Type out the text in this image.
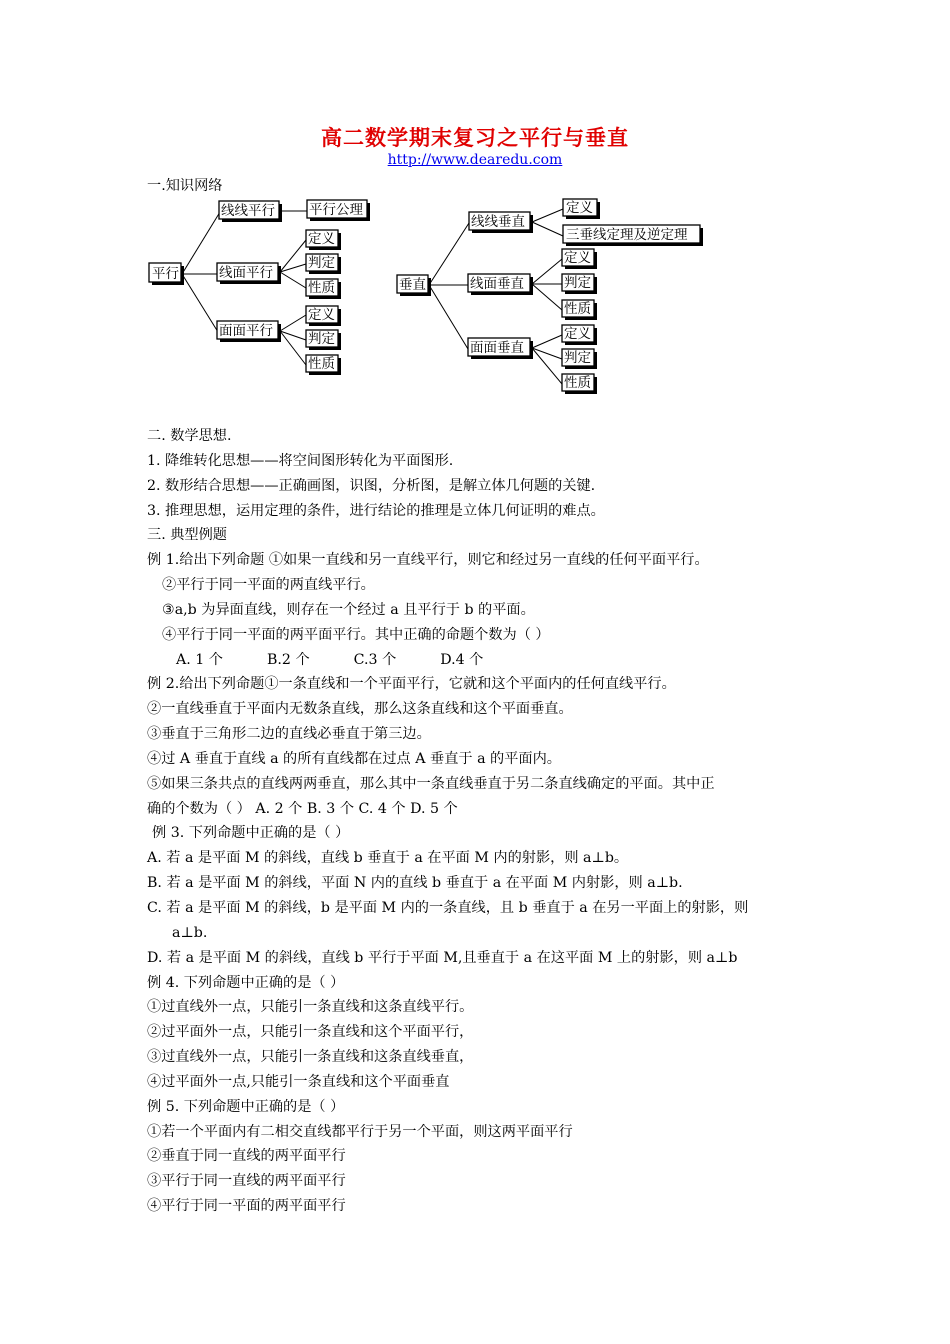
高二数学期末复习之平行与垂直
http://www.dearedu.com
一.知识网络
平行
线线平行	平行公理
线面平行
定义
判定
性质
面面平行
定义
判定
性质
垂直
线线垂直
定义
三垂线定理及逆定理
线面垂直
定义
判定
性质
面面垂直
定义
判定
性质
二. 数学思想.
1. 降维转化思想——将空间图形转化为平面图形.
2. 数形结合思想——正确画图，识图，分析图，是解立体几何题的关键.
3. 推理思想，运用定理的条件，进行结论的推理是立体几何证明的难点。
三. 典型例题
例 1.给出下列命题 ①如果一直线和另一直线平行，则它和经过另一直线的任何平面平行。
②平行于同一平面的两直线平行。
③a,b 为异面直线，则存在一个经过 a 且平行于 b 的平面。
④平行于同一平面的两平面平行。其中正确的命题个数为（ ）
A. 1 个	B.2 个	C.3 个	D.4 个
例 2.给出下列命题①一条直线和一个平面平行，它就和这个平面内的任何直线平行。
②一直线垂直于平面内无数条直线，那么这条直线和这个平面垂直。
③垂直于三角形二边的直线必垂直于第三边。
④过 A 垂直于直线 a 的所有直线都在过点 A 垂直于 a 的平面内。
⑤如果三条共点的直线两两垂直，那么其中一条直线垂直于另二条直线确定的平面。其中正
确的个数为（ ） A. 2 个 B. 3 个 C. 4 个 D. 5 个
例 3. 下列命题中正确的是（ ）
A. 若 a 是平面 M 的斜线，直线 b 垂直于 a 在平面 M 内的射影，则 a⊥b。
B. 若 a 是平面 M 的斜线，平面 N 内的直线 b 垂直于 a 在平面 M 内射影，则 a⊥b.
C. 若 a 是平面 M 的斜线，b 是平面 M 内的一条直线，且 b 垂直于 a 在另一平面上的射影，则
a⊥b.
D. 若 a 是平面 M 的斜线，直线 b 平行于平面 M,且垂直于 a 在这平面 M 上的射影，则 a⊥b
例 4. 下列命题中正确的是（ ）
①过直线外一点，只能引一条直线和这条直线平行。
②过平面外一点，只能引一条直线和这个平面平行，
③过直线外一点，只能引一条直线和这条直线垂直，
④过平面外一点,只能引一条直线和这个平面垂直
例 5. 下列命题中正确的是（ ）
①若一个平面内有二相交直线都平行于另一个平面，则这两平面平行
②垂直于同一直线的两平面平行
③平行于同一直线的两平面平行
④平行于同一平面的两平面平行
